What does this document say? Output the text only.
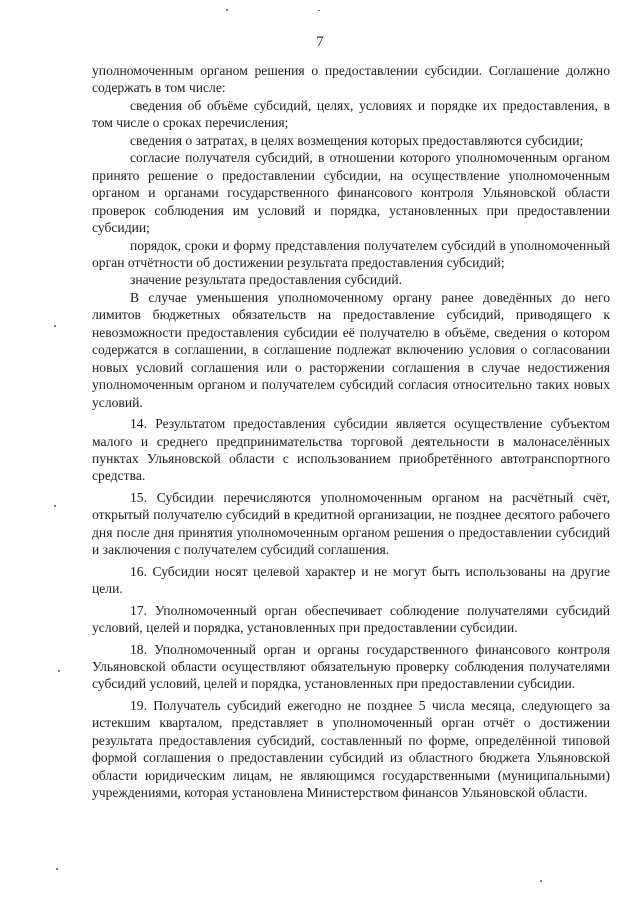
7

уполномоченным органом решения о предоставлении субсидии. Соглашение должно содержать в том числе:

сведения об объёме субсидий, целях, условиях и порядке их предоставления, в том числе о сроках перечисления;

сведения о затратах, в целях возмещения которых предоставляются субсидии;

согласие получателя субсидий, в отношении которого уполномоченным органом принято решение о предоставлении субсидии, на осуществление уполномоченным органом и органами государственного финансового контроля Ульяновской области проверок соблюдения им условий и порядка, установленных при предоставлении субсидии;

порядок, сроки и форму представления получателем субсидий в уполномоченный орган отчётности об достижении результата предоставления субсидий;

значение результата предоставления субсидий.

В случае уменьшения уполномоченному органу ранее доведённых до него лимитов бюджетных обязательств на предоставление субсидий, приводящего к невозможности предоставления субсидии её получателю в объёме, сведения о котором содержатся в соглашении, в соглашение подлежат включению условия о согласовании новых условий соглашения или о расторжении соглашения в случае недостижения уполномоченным органом и получателем субсидий согласия относительно таких новых условий.

14. Результатом предоставления субсидии является осуществление субъектом малого и среднего предпринимательства торговой деятельности в малонаселённых пунктах Ульяновской области с использованием приобретённого автотранспортного средства.

15. Субсидии перечисляются уполномоченным органом на расчётный счёт, открытый получателю субсидий в кредитной организации, не позднее десятого рабочего дня после дня принятия уполномоченным органом решения о предоставлении субсидий и заключения с получателем субсидий соглашения.

16. Субсидии носят целевой характер и не могут быть использованы на другие цели.

17. Уполномоченный орган обеспечивает соблюдение получателями субсидий условий, целей и порядка, установленных при предоставлении субсидии.

18. Уполномоченный орган и органы государственного финансового контроля Ульяновской области осуществляют обязательную проверку соблюдения получателями субсидий условий, целей и порядка, установленных при предоставлении субсидии.

19. Получатель субсидий ежегодно не позднее 5 числа месяца, следующего за истекшим кварталом, представляет в уполномоченный орган отчёт о достижении результата предоставления субсидий, составленный по форме, определённой типовой формой соглашения о предоставлении субсидий из областного бюджета Ульяновской области юридическим лицам, не являющимся государственными (муниципальными) учреждениями, которая установлена Министерством финансов Ульяновской области.
